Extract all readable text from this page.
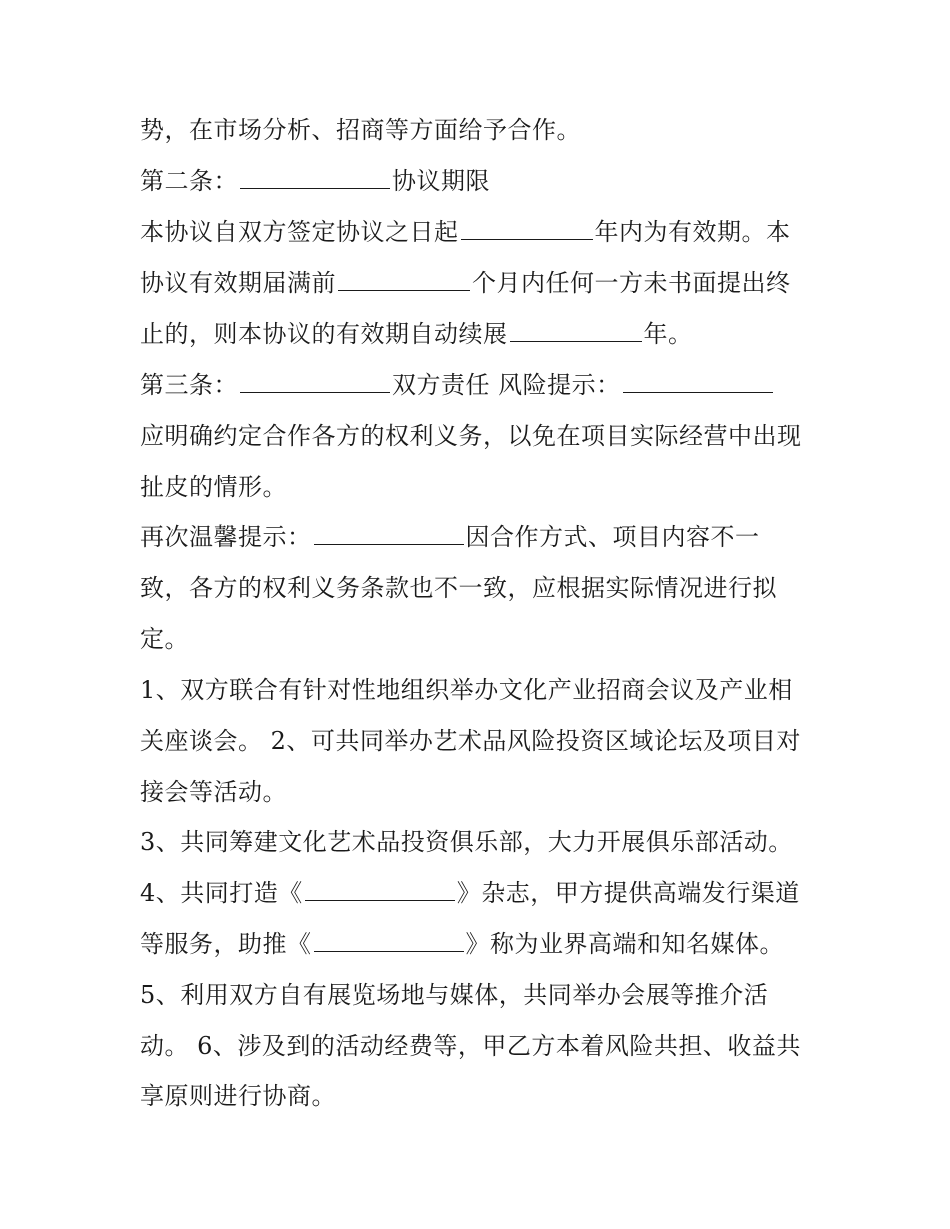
势，在市场分析、招商等方面给予合作。
第二条：	协议期限
本协议自双方签定协议之日起	年内为有效期。本
协议有效期届满前	个月内任何一方未书面提出终
止的，则本协议的有效期自动续展	年。
第三条：	双方责任 风险提示：
应明确约定合作各方的权利义务，以免在项目实际经营中出现
扯皮的情形。
再次温馨提示：	因合作方式、项目内容不一
致，各方的权利义务条款也不一致，应根据实际情况进行拟
定。
1、双方联合有针对性地组织举办文化产业招商会议及产业相
关座谈会。 2、可共同举办艺术品风险投资区域论坛及项目对
接会等活动。
3、共同筹建文化艺术品投资俱乐部，大力开展俱乐部活动。
4、共同打造《	》杂志，甲方提供高端发行渠道
等服务，助推《	》称为业界高端和知名媒体。
5、利用双方自有展览场地与媒体，共同举办会展等推介活
动。 6、涉及到的活动经费等，甲乙方本着风险共担、收益共
享原则进行协商。
